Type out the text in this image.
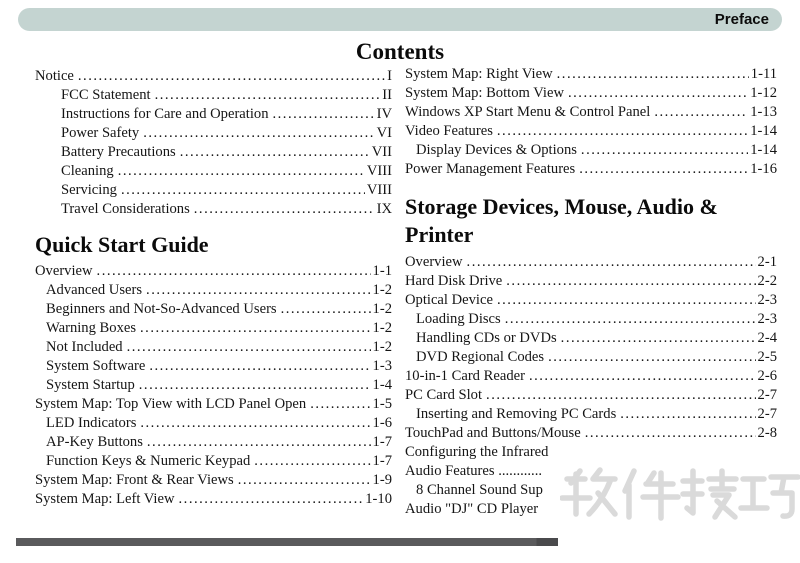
Preface
Contents
Notice .....	I
FCC Statement .....	II
Instructions for Care and Operation .....	IV
Power Safety .....	VI
Battery Precautions .....	VII
Cleaning .....	VIII
Servicing .....	VIII
Travel Considerations .....	IX
Quick Start Guide
Overview .....	1-1
Advanced Users .....	1-2
Beginners and Not-So-Advanced Users .....	1-2
Warning Boxes .....	1-2
Not Included .....	1-2
System Software .....	1-3
System Startup .....	1-4
System Map: Top View with LCD Panel Open .....	1-5
LED Indicators .....	1-6
AP-Key Buttons .....	1-7
Function Keys & Numeric Keypad .....	1-7
System Map: Front & Rear Views .....	1-9
System Map: Left View .....	1-10
System Map: Right View .....	1-11
System Map: Bottom View .....	1-12
Windows XP Start Menu & Control Panel .....	1-13
Video Features .....	1-14
Display Devices & Options .....	1-14
Power Management Features .....	1-16
Storage Devices, Mouse, Audio & Printer
Overview .....	2-1
Hard Disk Drive .....	2-2
Optical Device .....	2-3
Loading Discs .....	2-3
Handling CDs or DVDs .....	2-4
DVD Regional Codes .....	2-5
10-in-1 Card Reader .....	2-6
PC Card Slot .....	2-7
Inserting and Removing PC Cards .....	2-7
TouchPad and Buttons/Mouse .....	2-8
Configuring the Infrared
Audio Features ............
8 Channel Sound Sup
Audio "DJ" CD Player
